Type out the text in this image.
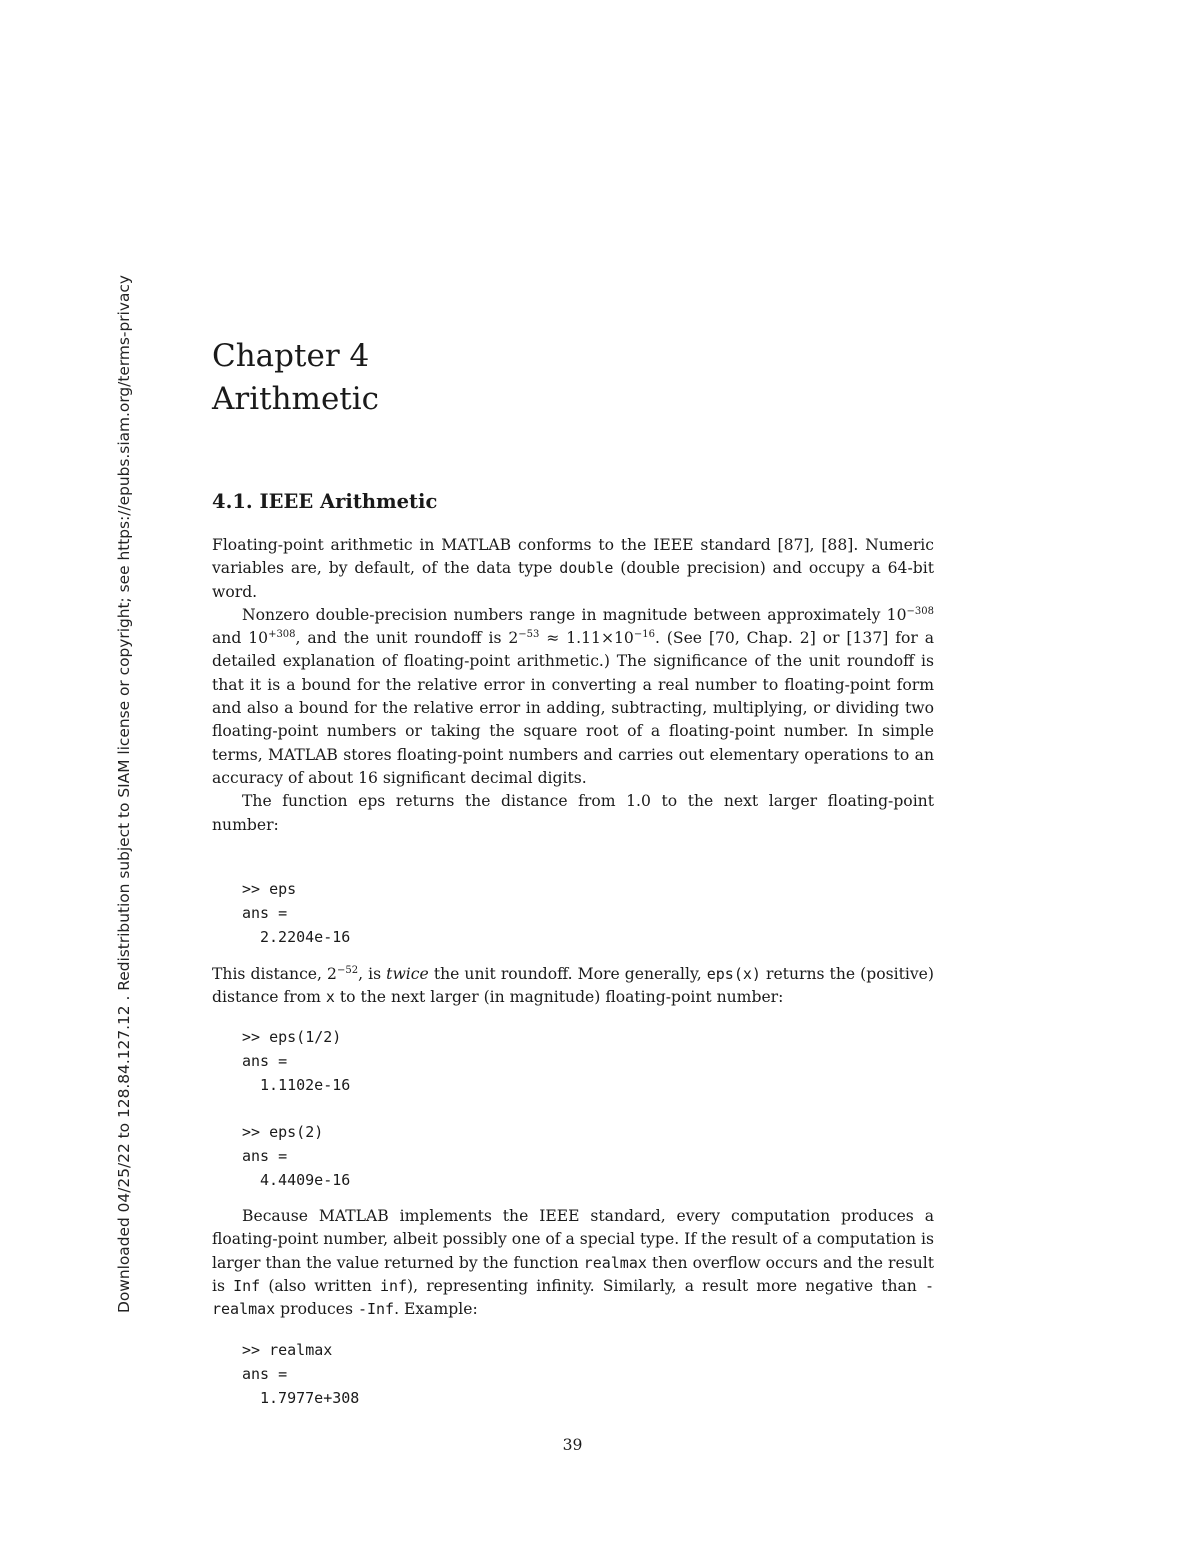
Downloaded 04/25/22 to 128.84.127.12 . Redistribution subject to SIAM license or copyright; see https://epubs.siam.org/terms-privacy	Chapter 4
Arithmetic
4.1. IEEE Arithmetic

Floating-point arithmetic in MATLAB conforms to the IEEE standard [87], [88]. Numeric variables are, by default, of the data type double (double precision) and occupy a 64-bit word.

Nonzero double-precision numbers range in magnitude between approximately $10^{-308}$ and $10^{+308}$, and the unit roundoff is $2^{-53} \approx 1.11\times 10^{-16}$. (See [70, Chap. 2] or [137] for a detailed explanation of floating-point arithmetic.) The significance of the unit roundoff is that it is a bound for the relative error in converting a real number to floating-point form and also a bound for the relative error in adding, subtracting, multiplying, or dividing two floating-point numbers or taking the square root of a floating-point number. In simple terms, MATLAB stores floating-point numbers and carries out elementary operations to an accuracy of about 16 significant decimal digits.

The function eps returns the distance from 1.0 to the next larger floating-point number:

>> eps
ans =
2.2204e-16

This distance, $2^{-52}$, is twice the unit roundoff. More generally, eps(x) returns the (positive) distance from x to the next larger (in magnitude) floating-point number:

>> eps(1/2)
ans =
1.1102e-16
>> eps(2)
ans =
4.4409e-16

Because MATLAB implements the IEEE standard, every computation produces a floating-point number, albeit possibly one of a special type. If the result of a computation is larger than the value returned by the function realmax then overflow occurs and the result is Inf (also written inf), representing infinity. Similarly, a result more negative than -realmax produces -Inf. Example:

>> realmax
ans =
1.7977e+308
39
